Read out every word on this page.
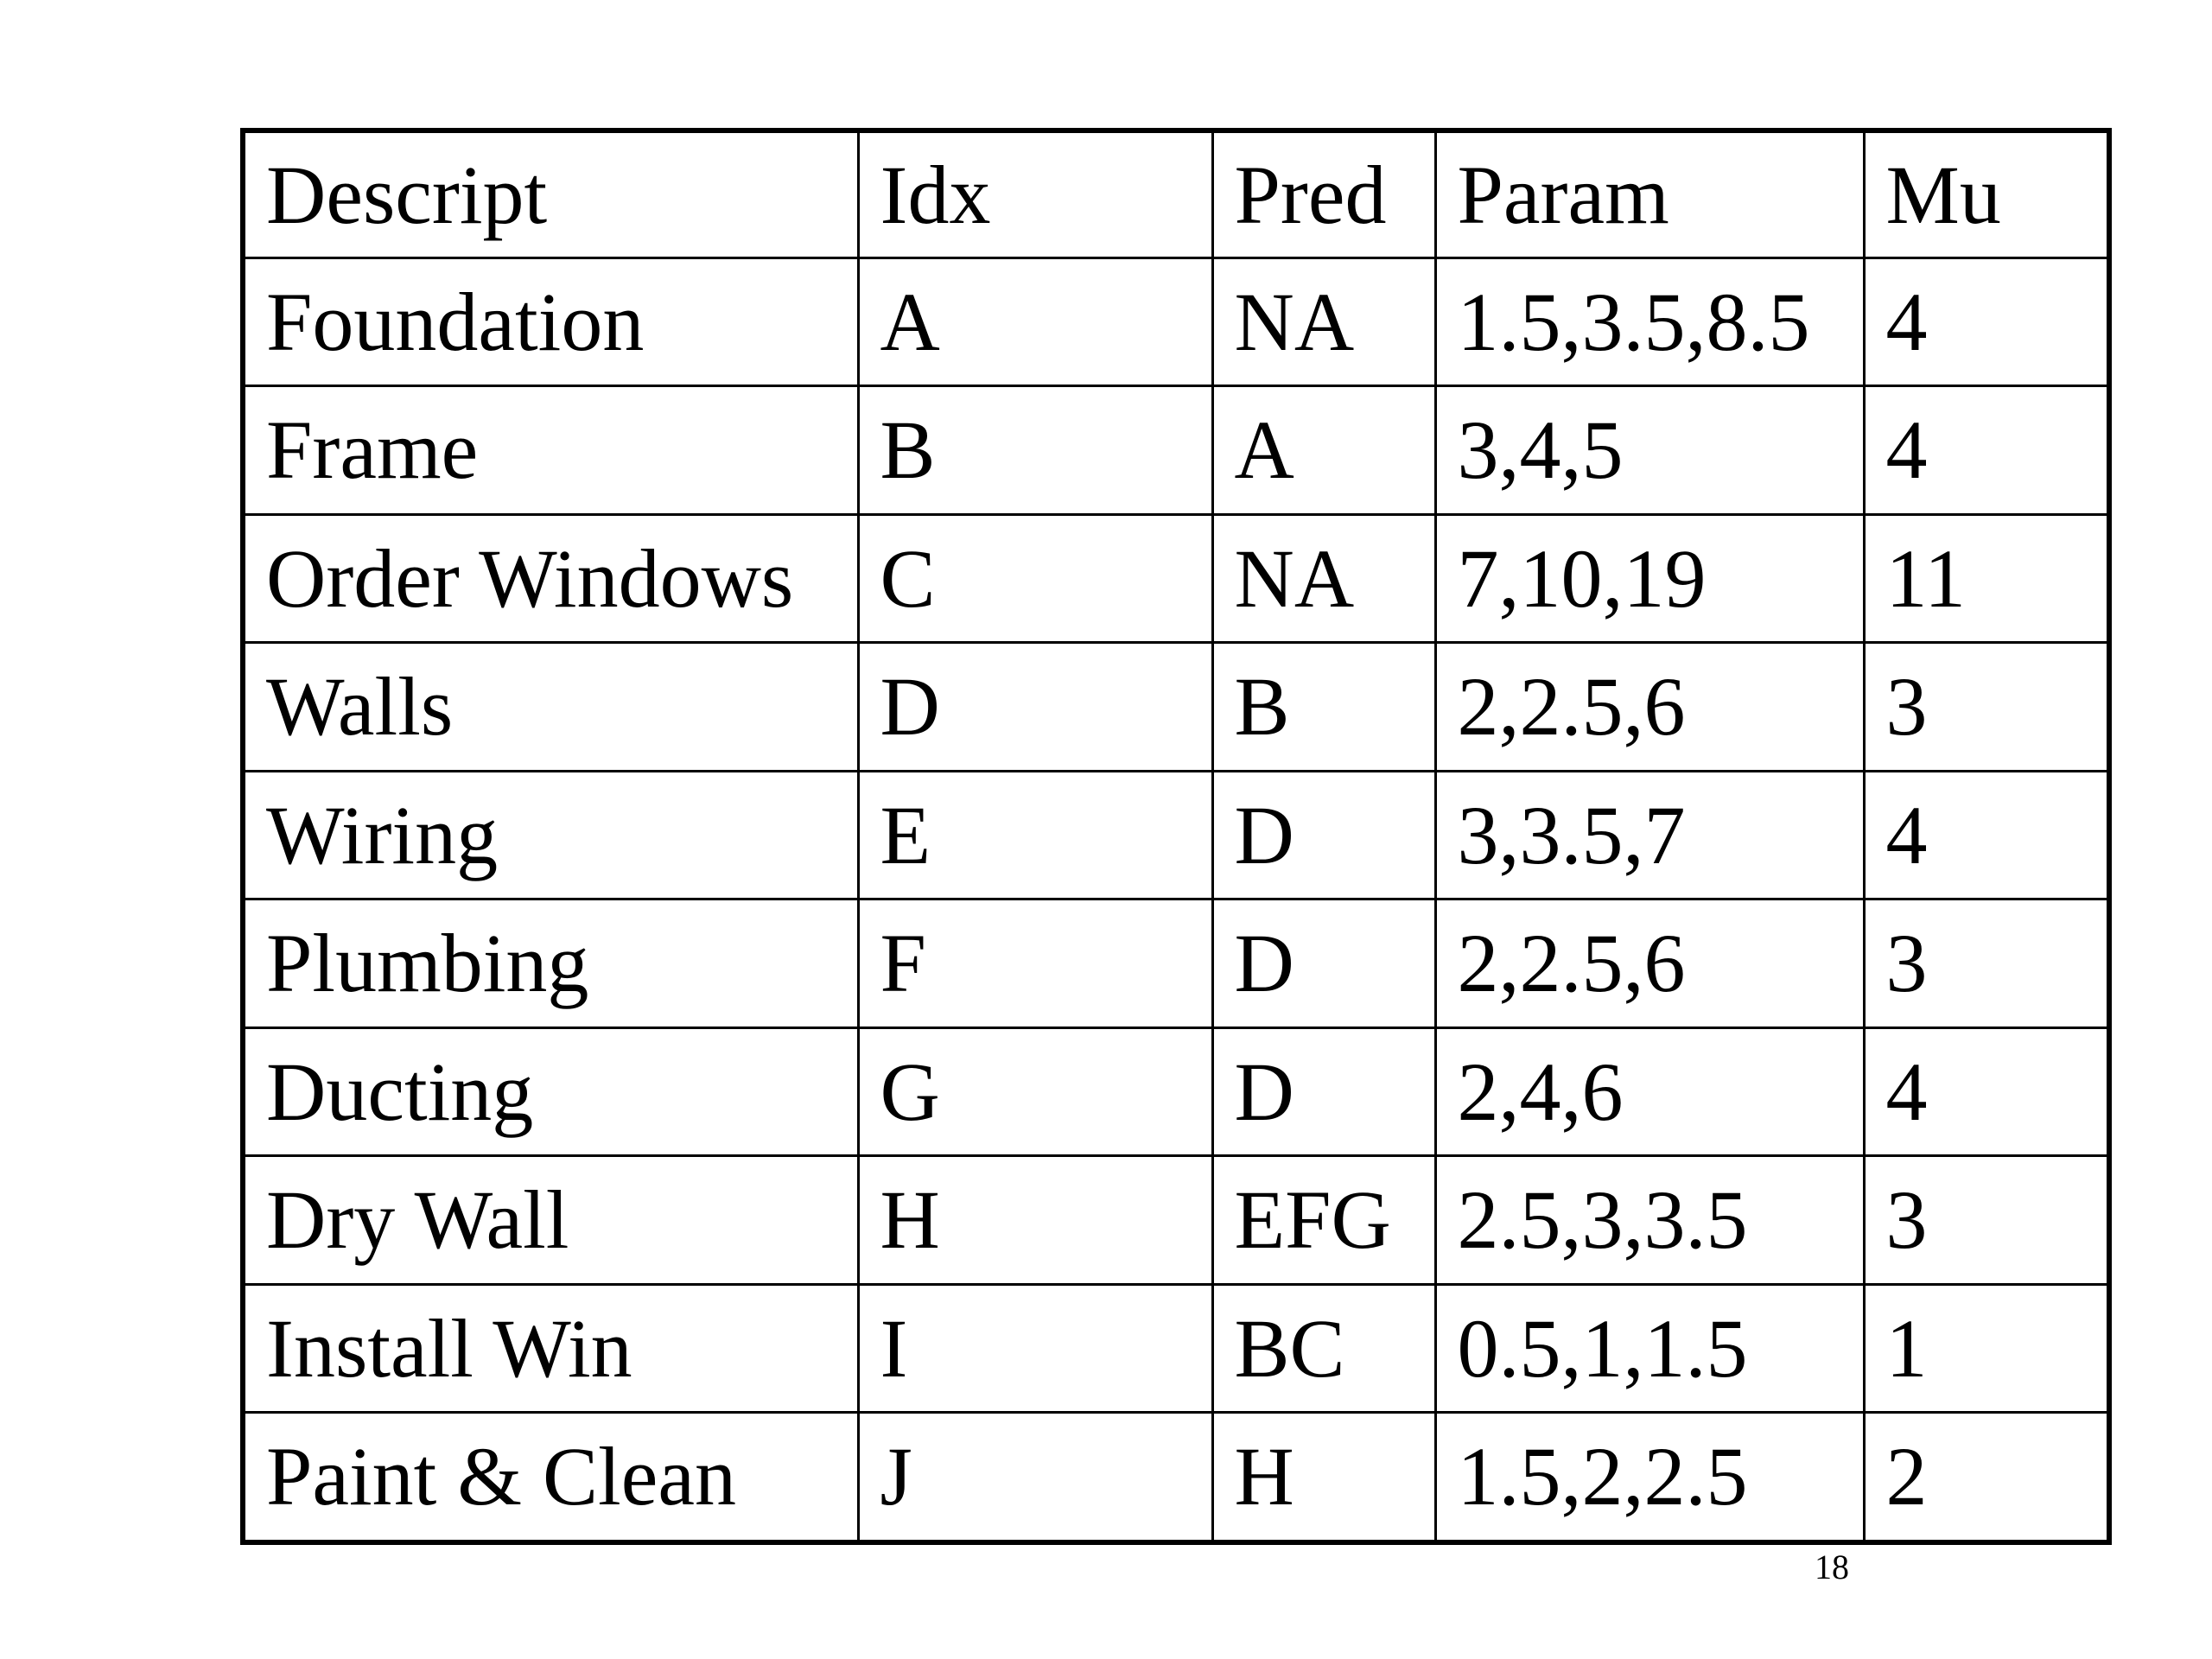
Descript	Idx	Pred	Param	Mu
Foundation	A	NA	1.5,3.5,8.5	4
Frame	B	A	3,4,5	4
Order Windows	C	NA	7,10,19	11
Walls	D	B	2,2.5,6	3
Wiring	E	D	3,3.5,7	4
Plumbing	F	D	2,2.5,6	3
Ducting	G	D	2,4,6	4
Dry Wall	H	EFG	2.5,3,3.5	3
Install Win	I	BC	0.5,1,1.5	1
Paint & Clean	J	H	1.5,2,2.5	2
18
